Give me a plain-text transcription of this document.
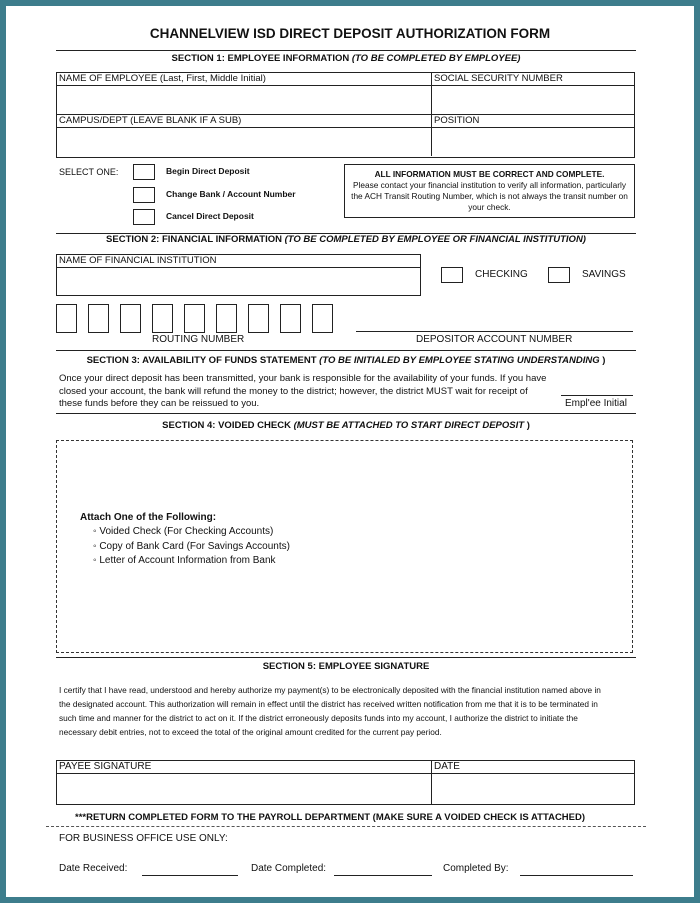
CHANNELVIEW ISD DIRECT DEPOSIT AUTHORIZATION FORM
SECTION 1: EMPLOYEE INFORMATION (TO BE COMPLETED BY EMPLOYEE)
NAME OF EMPLOYEE (Last, First, Middle Initial)	SOCIAL SECURITY NUMBER
CAMPUS/DEPT (LEAVE BLANK IF A SUB)	POSITION
SELECT ONE:	Begin Direct Deposit
Change Bank / Account Number
Cancel Direct Deposit
ALL INFORMATION MUST BE CORRECT AND COMPLETE.
Please contact your financial institution to verify all information, particularly the ACH Transit Routing Number, which is not always the transit number on your check.
SECTION 2: FINANCIAL INFORMATION (TO BE COMPLETED BY EMPLOYEE OR FINANCIAL INSTITUTION)
NAME OF FINANCIAL INSTITUTION
CHECKING	SAVINGS
ROUTING NUMBER	DEPOSITOR ACCOUNT NUMBER
SECTION 3: AVAILABILITY OF FUNDS STATEMENT (TO BE INITIALED BY EMPLOYEE STATING UNDERSTANDING )
Once your direct deposit has been transmitted, your bank is responsible for the availability of your funds. If you have closed your account, the bank will refund the money to the district; however, the district MUST wait for receipt of these funds before they can be reissued to you.	Empl'ee Initial
SECTION 4: VOIDED CHECK (MUST BE ATTACHED TO START DIRECT DEPOSIT )
Attach One of the Following:
◦ Voided Check (For Checking Accounts)
◦ Copy of Bank Card (For Savings Accounts)
◦ Letter of Account Information from Bank
SECTION 5: EMPLOYEE SIGNATURE
I certify that I have read, understood and hereby authorize my payment(s) to be electronically deposited with the financial institution named above in the designated account. This authorization will remain in effect until the district has received written notification from me that it is to be terminated in such time and manner for the district to act on it. If the district erroneously deposits funds into my account, I authorize the district to initiate the necessary debit entries, not to exceed the total of the original amount credited for the current pay period.
PAYEE SIGNATURE	DATE
***RETURN COMPLETED FORM TO THE PAYROLL DEPARTMENT (MAKE SURE A VOIDED CHECK IS ATTACHED)
FOR BUSINESS OFFICE USE ONLY:
Date Received:	Date Completed:	Completed By:
